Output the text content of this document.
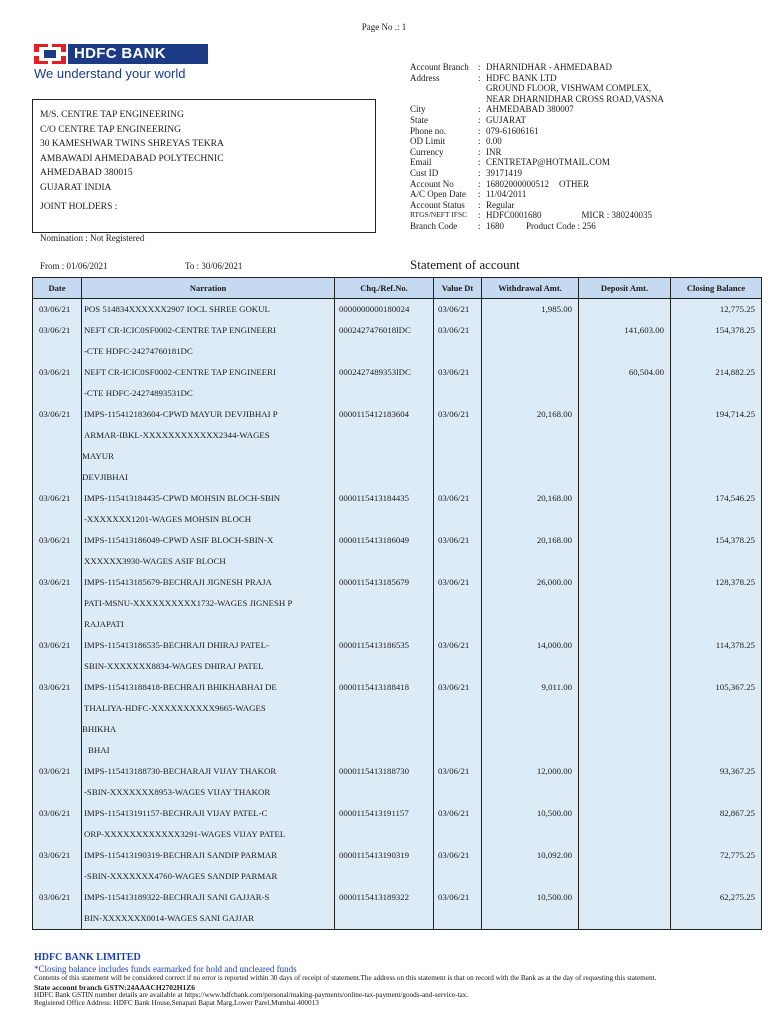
Page No .: 1
HDFC BANK
We understand your world
M/S. CENTRE TAP ENGINEERING
C/O CENTRE TAP ENGINEERING
30 KAMESHWAR TWINS SHREYAS TEKRA
AMBAWADI AHMEDABAD POLYTECHNIC
AHMEDABAD 380015
GUJARAT INDIA
JOINT HOLDERS :
Nomination : Not Registered
Account Branch	: DHARNIDHAR - AHMEDABAD
Address	: HDFC BANK LTD
GROUND FLOOR, VISHWAM COMPLEX,
NEAR DHARNIDHAR CROSS ROAD,VASNA
City	: AHMEDABAD 380007
State	: GUJARAT
Phone no.	: 079-61606161
OD Limit	: 0.00
Currency	: INR
Email	: CENTRETAP@HOTMAIL.COM
Cust ID	: 39171419
Account No	: 16802000000512 OTHER
A/C Open Date	: 11/04/2011
Account Status	: Regular
RTGS/NEFT IFSC	: HDFC0001680	MICR : 380240035
Branch Code	: 1680 Product Code : 256
From : 01/06/2021	To : 30/06/2021	Statement of account
Date	Narration	Chq./Ref.No.	Value Dt	Withdrawal Amt.	Deposit Amt.	Closing Balance

03/06/21	POS 514834XXXXXX2907 IOCL SHREE GOKUL	0000000000180024	03/06/21	1,985.00		12,775.25

03/06/21	NEFT CR-ICIC0SF0002-CENTRE TAP ENGINEERI
-CTE HDFC-24274760181DC	0002427476018lDC	03/06/21		141,603.00	154,378.25

03/06/21	NEFT CR-ICIC0SF0002-CENTRE TAP ENGINEERI
-CTE HDFC-24274893531DC	0002427489353lDC	03/06/21		60,504.00	214,882.25

03/06/21	IMPS-115412183604-CPWD MAYUR DEVJIBHAI P
ARMAR-IBKL-XXXXXXXXXXXX2344-WAGES
MAYUR
DEVJIBHAI	0000115412183604	03/06/21	20,168.00		194,714.25

03/06/21	IMPS-115413184435-CPWD MOHSIN BLOCH-SBIN
-XXXXXXX1201-WAGES MOHSIN BLOCH	0000115413184435	03/06/21	20,168.00		174,546.25

03/06/21	IMPS-115413186049-CPWD ASIF BLOCH-SBIN-X
XXXXXX3930-WAGES ASIF BLOCH	0000115413186049	03/06/21	20,168.00		154,378.25

03/06/21	IMPS-115413185679-BECHRAJI JIGNESH PRAJA
PATI-MSNU-XXXXXXXXXX1732-WAGES JIGNESH P
RAJAPATI	0000115413185679	03/06/21	26,000.00		128,378.25

03/06/21	IMPS-115413186535-BECHRAJI DHIRAJ PATEL-
SBIN-XXXXXXX8834-WAGES DHIRAJ PATEL	0000115413186535	03/06/21	14,000.00		114,378.25

03/06/21	IMPS-115413188418-BECHRAJI BHIKHABHAI DE
THALIYA-HDFC-XXXXXXXXXX9665-WAGES
BHIKHA
BHAI	0000115413188418	03/06/21	9,011.00		105,367.25

03/06/21	IMPS-115413188730-BECHARAJI VIJAY THAKOR
-SBIN-XXXXXXX8953-WAGES VIJAY THAKOR	0000115413188730	03/06/21	12,000.00		93,367.25

03/06/21	IMPS-115413191157-BECHRAJI VIJAY PATEL-C
ORP-XXXXXXXXXXXX3291-WAGES VIJAY PATEL	0000115413191157	03/06/21	10,500.00		82,867.25

03/06/21	IMPS-115413190319-BECHRAJI SANDIP PARMAR
-SBIN-XXXXXXX4760-WAGES SANDIP PARMAR	0000115413190319	03/06/21	10,092.00		72,775.25

03/06/21	IMPS-115413189322-BECHRAJI SANI GAJJAR-S
BIN-XXXXXXX0014-WAGES SANI GAJJAR	0000115413189322	03/06/21	10,500.00		62,275.25
HDFC BANK LIMITED
*Closing balance includes funds earmarked for hold and uncleared funds
Contents of this statement will be considered correct if no error is reported within 30 days of receipt of statement.The address on this statement is that on record with the Bank as at the day of requesting this statement.
State account branch GSTN:24AAACH2702H1Z6
HDFC Bank GSTIN number details are available at https://www.hdfcbank.com/personal/making-payments/online-tax-payment/goods-and-service-tax.
Registered Office Address: HDFC Bank House,Senapati Bapat Marg,Lower Parel,Mumbai 400013
